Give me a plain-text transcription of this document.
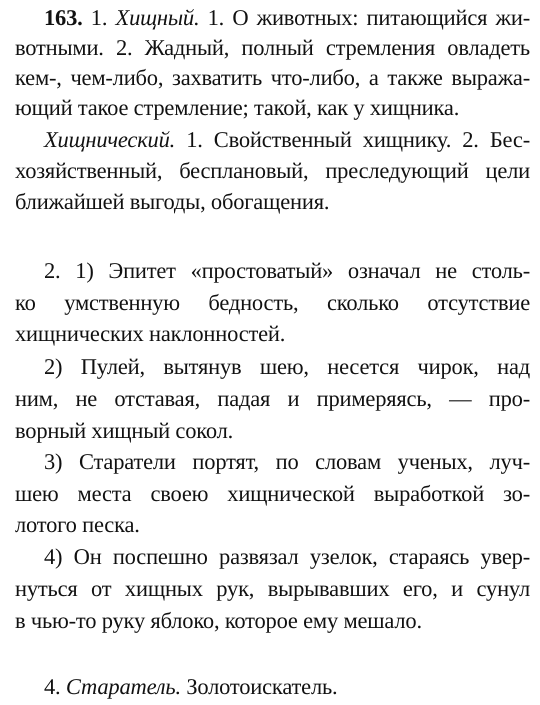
163. 1. Хищный. 1. О животных: питающийся жи-
вотными. 2. Жадный, полный стремления овладеть
кем-, чем-либо, захватить что-либо, а также выража-
ющий такое стремление; такой, как у хищника.
Хищнический. 1. Свойственный хищнику. 2. Бес-
хозяйственный, бесплановый, преследующий цели
ближайшей выгоды, обогащения.
2. 1) Эпитет «простоватый» означал не столь-
ко умственную бедность, сколько отсутствие
хищнических наклонностей.
2) Пулей, вытянув шею, несется чирок, над
ним, не отставая, падая и примеряясь, — про-
ворный хищный сокол.
3) Старатели портят, по словам ученых, луч-
шею места своею хищнической выработкой зо-
лотого песка.
4) Он поспешно развязал узелок, стараясь увер-
нуться от хищных рук, вырывавших его, и сунул
в чью-то руку яблоко, которое ему мешало.
4. Старатель. Золотоискатель.
